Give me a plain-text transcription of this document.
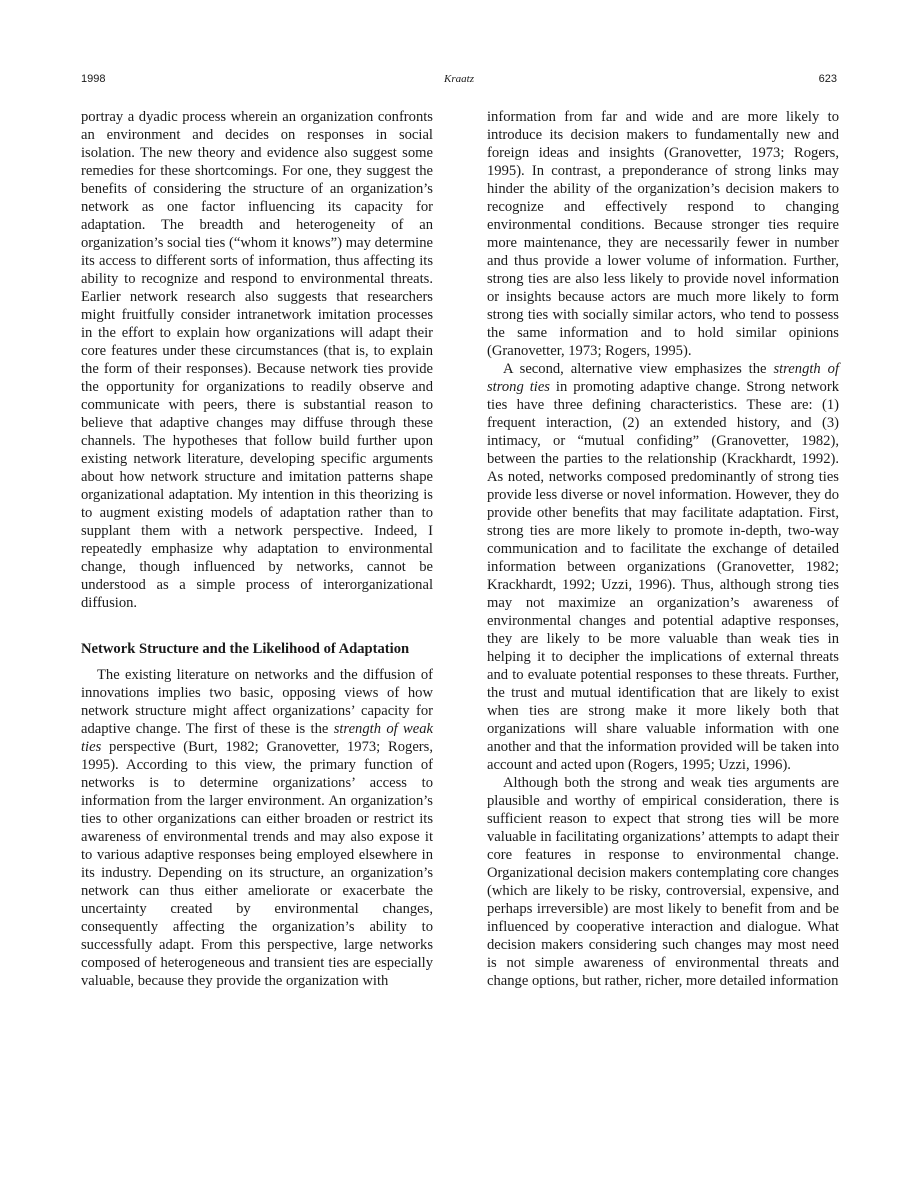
1998	Kraatz	623

portray a dyadic process wherein an organization confronts an environment and decides on responses in social isolation. The new theory and evidence also suggest some remedies for these shortcomings. For one, they suggest the benefits of considering the structure of an organization’s network as one factor influencing its capacity for adaptation. The breadth and heterogeneity of an organization’s social ties (“whom it knows”) may determine its access to different sorts of information, thus affecting its ability to recognize and respond to environmental threats. Earlier network research also suggests that researchers might fruitfully consider intranetwork imitation processes in the effort to explain how organizations will adapt their core features under these circumstances (that is, to explain the form of their responses). Because network ties provide the opportunity for organizations to readily observe and communicate with peers, there is substantial reason to believe that adaptive changes may diffuse through these channels. The hypotheses that follow build further upon existing network literature, developing specific arguments about how network structure and imitation patterns shape organizational adaptation. My intention in this theorizing is to augment existing models of adaptation rather than to supplant them with a network perspective. Indeed, I repeatedly emphasize why adaptation to environmental change, though influenced by networks, cannot be understood as a simple process of interorganizational diffusion.

Network Structure and the Likelihood of Adaptation

The existing literature on networks and the diffusion of innovations implies two basic, opposing views of how network structure might affect organizations’ capacity for adaptive change. The first of these is the strength of weak ties perspective (Burt, 1982; Granovetter, 1973; Rogers, 1995). According to this view, the primary function of networks is to determine organizations’ access to information from the larger environment. An organization’s ties to other organizations can either broaden or restrict its awareness of environmental trends and may also expose it to various adaptive responses being employed elsewhere in its industry. Depending on its structure, an organization’s network can thus either ameliorate or exacerbate the uncertainty created by environmental changes, consequently affecting the organization’s ability to successfully adapt. From this perspective, large networks composed of heterogeneous and transient ties are especially valuable, because they provide the organization with

information from far and wide and are more likely to introduce its decision makers to fundamentally new and foreign ideas and insights (Granovetter, 1973; Rogers, 1995). In contrast, a preponderance of strong links may hinder the ability of the organization’s decision makers to recognize and effectively respond to changing environmental conditions. Because stronger ties require more maintenance, they are necessarily fewer in number and thus provide a lower volume of information. Further, strong ties are also less likely to provide novel information or insights because actors are much more likely to form strong ties with socially similar actors, who tend to possess the same information and to hold similar opinions (Granovetter, 1973; Rogers, 1995).

A second, alternative view emphasizes the strength of strong ties in promoting adaptive change. Strong network ties have three defining characteristics. These are: (1) frequent interaction, (2) an extended history, and (3) intimacy, or “mutual confiding” (Granovetter, 1982), between the parties to the relationship (Krackhardt, 1992). As noted, networks composed predominantly of strong ties provide less diverse or novel information. However, they do provide other benefits that may facilitate adaptation. First, strong ties are more likely to promote in-depth, two-way communication and to facilitate the exchange of detailed information between organizations (Granovetter, 1982; Krackhardt, 1992; Uzzi, 1996). Thus, although strong ties may not maximize an organization’s awareness of environmental changes and potential adaptive responses, they are likely to be more valuable than weak ties in helping it to decipher the implications of external threats and to evaluate potential responses to these threats. Further, the trust and mutual identification that are likely to exist when ties are strong make it more likely both that organizations will share valuable information with one another and that the information provided will be taken into account and acted upon (Rogers, 1995; Uzzi, 1996).

Although both the strong and weak ties arguments are plausible and worthy of empirical consideration, there is sufficient reason to expect that strong ties will be more valuable in facilitating organizations’ attempts to adapt their core features in response to environmental change. Organizational decision makers contemplating core changes (which are likely to be risky, controversial, expensive, and perhaps irreversible) are most likely to benefit from and be influenced by cooperative interaction and dialogue. What decision makers considering such changes may most need is not simple awareness of environmental threats and change options, but rather, richer, more detailed information
